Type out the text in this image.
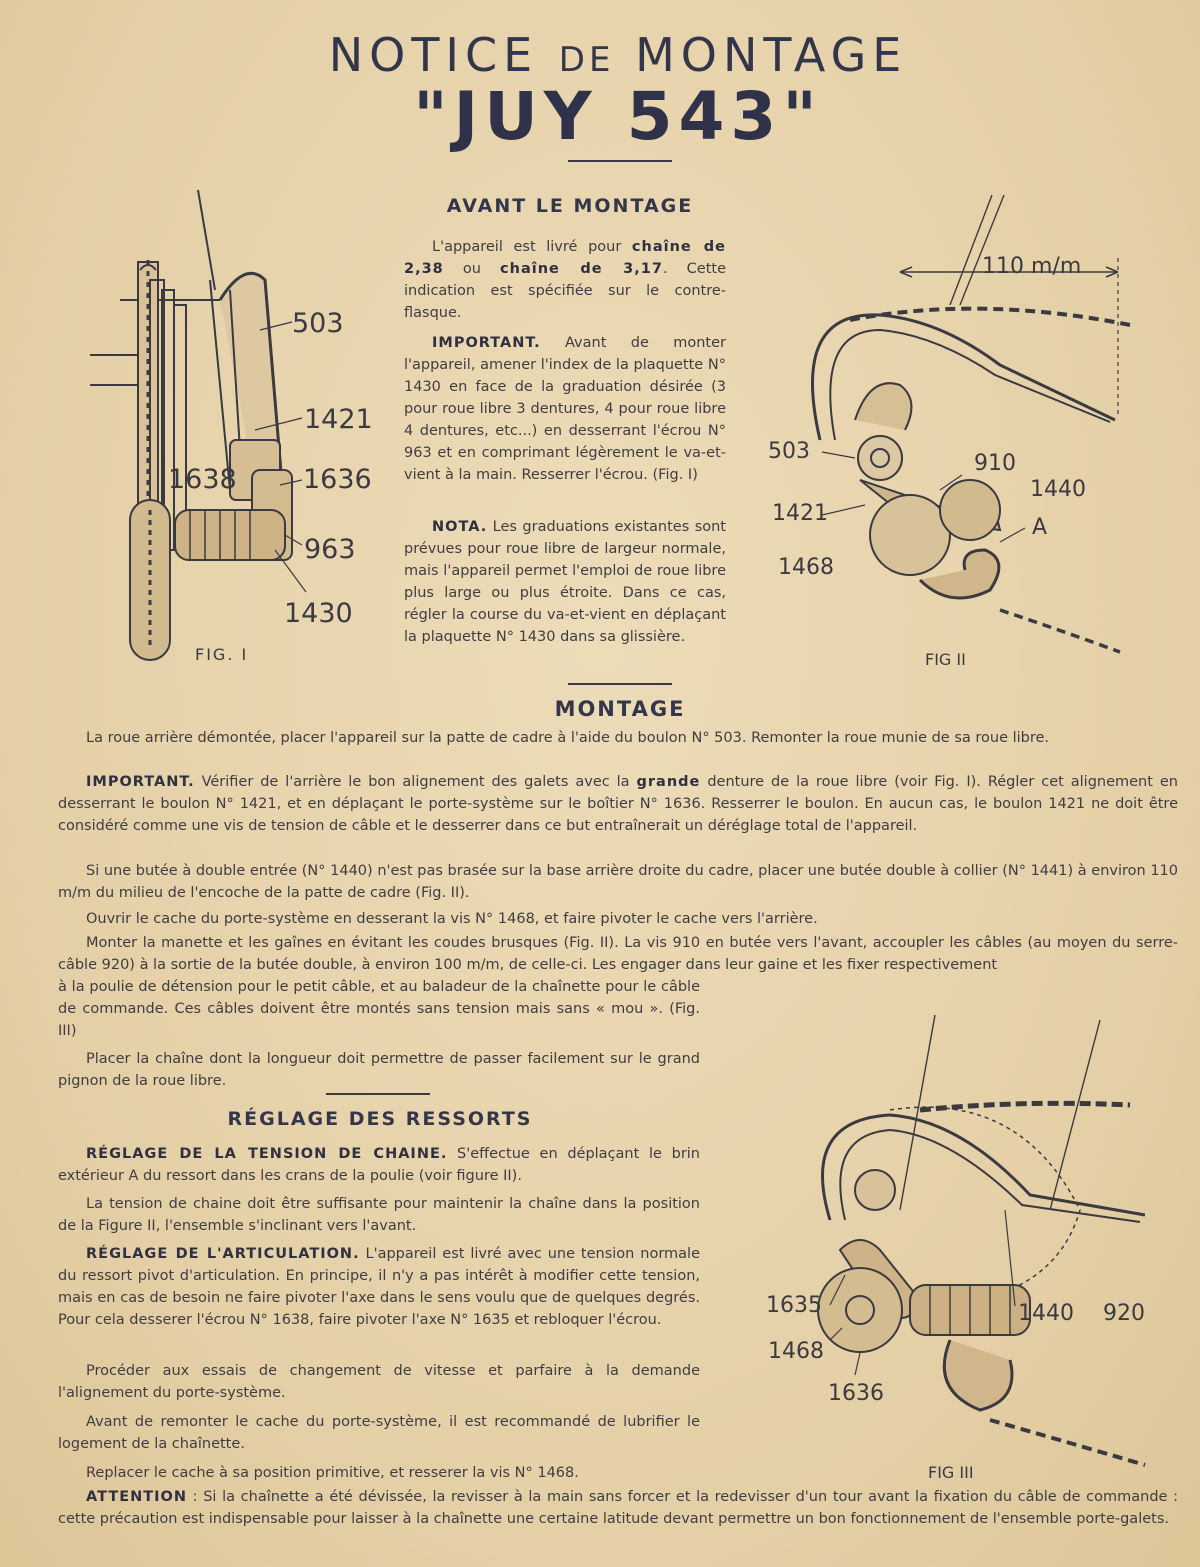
NOTICE DE MONTAGE
"JUY 543"
AVANT LE MONTAGE

L'appareil est livré pour chaîne de 2,38 ou chaîne de 3,17. Cette indication est spécifiée sur le contre-flasque.

IMPORTANT. Avant de monter l'appareil, amener l'index de la plaquette N° 1430 en face de la graduation désirée (3 pour roue libre 3 dentures, 4 pour roue libre 4 dentures, etc...) en desserrant l'écrou N° 963 et en comprimant légèrement le va-et-vient à la main. Resserrer l'écrou. (Fig. I)

NOTA. Les graduations existantes sont prévues pour roue libre de largeur normale, mais l'appareil permet l'emploi de roue libre plus large ou plus étroite. Dans ce cas, régler la course du va-et-vient en déplaçant la plaquette N° 1430 dans sa glissière.

503
1421
1638 1636
963
1430
FIG. I
110 m/m
503	910
1440
1421
A
1468
FIG II
MONTAGE

La roue arrière démontée, placer l'appareil sur la patte de cadre à l'aide du boulon N° 503. Remonter la roue munie de sa roue libre.

IMPORTANT. Vérifier de l'arrière le bon alignement des galets avec la grande denture de la roue libre (voir Fig. I). Régler cet alignement en desserrant le boulon N° 1421, et en déplaçant le porte-système sur le boîtier N° 1636. Resserrer le boulon. En aucun cas, le boulon 1421 ne doit être considéré comme une vis de tension de câble et le desserrer dans ce but entraînerait un déréglage total de l'appareil.

Si une butée à double entrée (N° 1440) n'est pas brasée sur la base arrière droite du cadre, placer une butée double à collier (N° 1441) à environ 110 m/m du milieu de l'encoche de la patte de cadre (Fig. II).

Ouvrir le cache du porte-système en desserant la vis N° 1468, et faire pivoter le cache vers l'arrière.

Monter la manette et les gaînes en évitant les coudes brusques (Fig. II). La vis 910 en butée vers l'avant, accoupler les câbles (au moyen du serre-câble 920) à la sortie de la butée double, à environ 100 m/m, de celle-ci. Les engager dans leur gaine et les fixer respectivement

à la poulie de détension pour le petit câble, et au baladeur de la chaînette pour le câble de commande. Ces câbles doivent être montés sans tension mais sans « mou ». (Fig. III)

Placer la chaîne dont la longueur doit permettre de passer facilement sur le grand pignon de la roue libre.

RÉGLAGE DES RESSORTS

RÉGLAGE DE LA TENSION DE CHAINE. S'effectue en déplaçant le brin extérieur A du ressort dans les crans de la poulie (voir figure II).

La tension de chaine doit être suffisante pour maintenir la chaîne dans la position de la Figure II, l'ensemble s'inclinant vers l'avant.

RÉGLAGE DE L'ARTICULATION. L'appareil est livré avec une tension normale du ressort pivot d'articulation. En principe, il n'y a pas intérêt à modifier cette tension, mais en cas de besoin ne faire pivoter l'axe dans le sens voulu que de quelques degrés. Pour cela desserer l'écrou N° 1638, faire pivoter l'axe N° 1635 et rebloquer l'écrou.

Procéder aux essais de changement de vitesse et parfaire à la demande l'alignement du porte-système.

Avant de remonter le cache du porte-système, il est recommandé de lubrifier le logement de la chaînette.

Replacer le cache à sa position primitive, et resserer la vis N° 1468.

ATTENTION : Si la chaînette a été dévissée, la revisser à la main sans forcer et la redevisser d'un tour avant la fixation du câble de commande : cette précaution est indispensable pour laisser à la chaînette une certaine latitude devant permettre un bon fonctionnement de l'ensemble porte-galets.

1635	1440 920
1468
1636
FIG III
